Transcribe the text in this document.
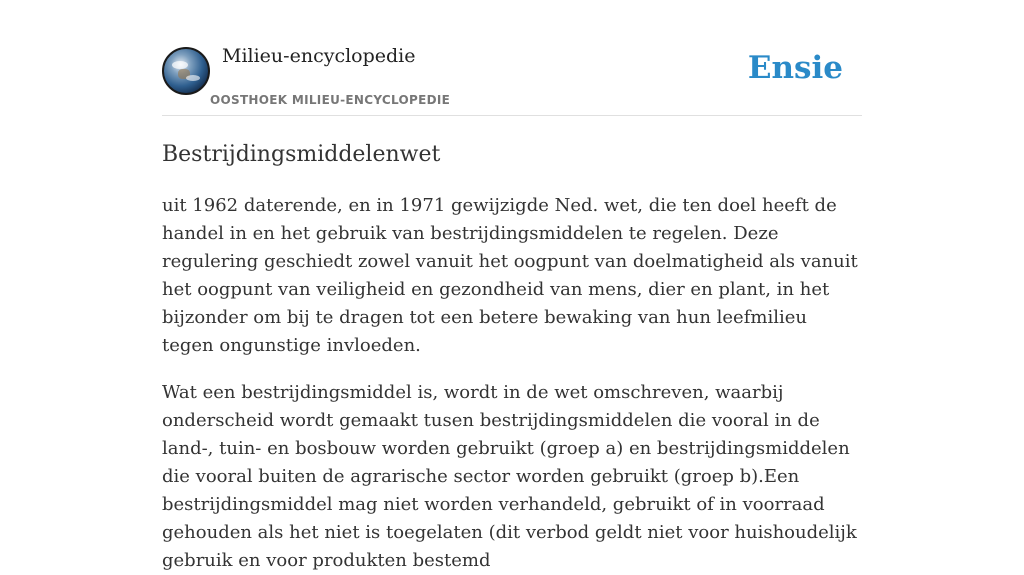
Milieu-encyclopedie
OOSTHOEK MILIEU-ENCYCLOPEDIE
Ensie
Bestrijdingsmiddelenwet

uit 1962 daterende, en in 1971 gewijzigde Ned. wet, die ten doel heeft de handel in en het gebruik van bestrijdingsmiddelen te regelen. Deze regulering geschiedt zowel vanuit het oogpunt van doelmatigheid als vanuit het oogpunt van veiligheid en gezondheid van mens, dier en plant, in het bijzonder om bij te dragen tot een betere bewaking van hun leefmilieu tegen ongunstige invloeden.

Wat een bestrijdingsmiddel is, wordt in de wet omschreven, waarbij onderscheid wordt gemaakt tusen bestrijdingsmiddelen die vooral in de land-, tuin- en bosbouw worden gebruikt (groep a) en bestrijdingsmiddelen die vooral buiten de agrarische sector worden gebruikt (groep b).Een bestrijdingsmiddel mag niet worden verhandeld, gebruikt of in voorraad gehouden als het niet is toegelaten (dit verbod geldt niet voor huishoudelijk gebruik en voor produkten bestemd
